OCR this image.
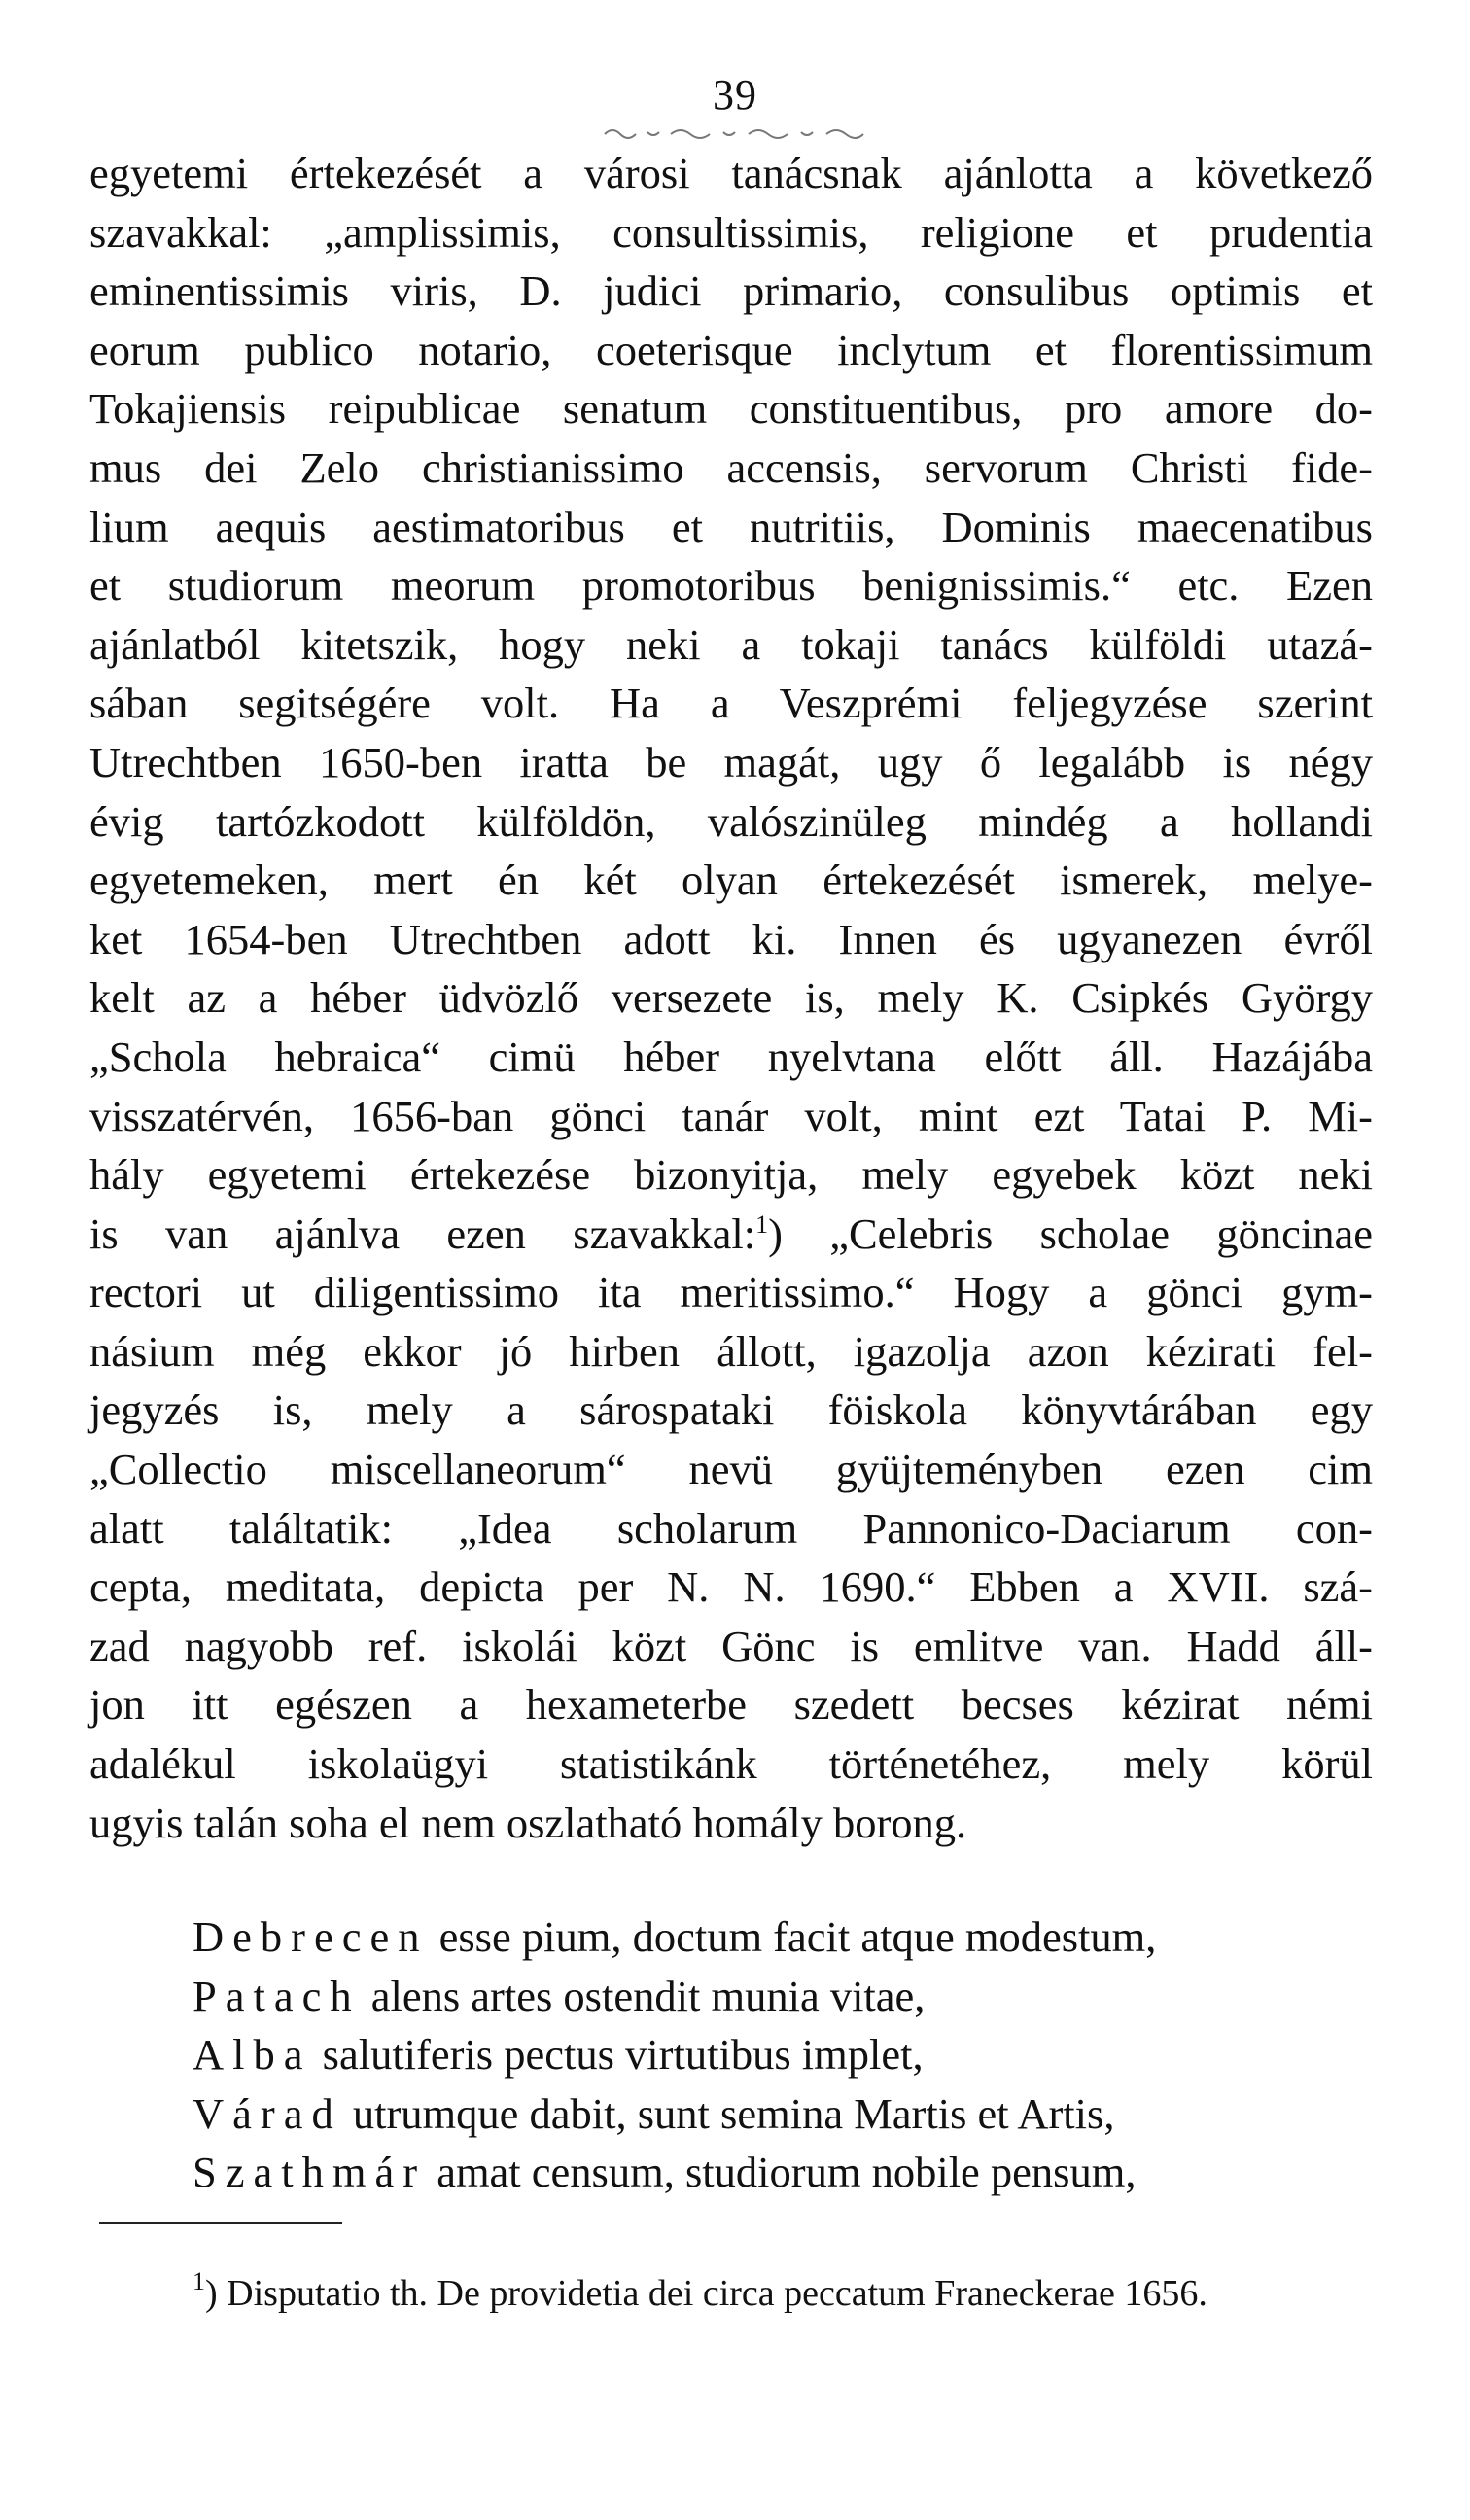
39
egyetemi értekezését a városi tanácsnak ajánlotta a következő
szavakkal: „amplissimis, consultissimis, religione et prudentia
eminentissimis viris, D. judici primario, consulibus optimis et
eorum publico notario, coeterisque inclytum et florentissimum
Tokajiensis reipublicae senatum constituentibus, pro amore do-
mus dei Zelo christianissimo accensis, servorum Christi fide-
lium aequis aestimatoribus et nutritiis, Dominis maecenatibus
et studiorum meorum promotoribus benignissimis.“ etc. Ezen
ajánlatból kitetszik, hogy neki a tokaji tanács külföldi utazá-
sában segitségére volt. Ha a Veszprémi feljegyzése szerint
Utrechtben 1650-ben iratta be magát, ugy ő legalább is négy
évig tartózkodott külföldön, valószinüleg mindég a hollandi
egyetemeken, mert én két olyan értekezését ismerek, melye-
ket 1654-ben Utrechtben adott ki. Innen és ugyanezen évről
kelt az a héber üdvözlő versezete is, mely K. Csipkés György
„Schola hebraica“ cimü héber nyelvtana előtt áll. Hazájába
visszatérvén, 1656-ban gönci tanár volt, mint ezt Tatai P. Mi-
hály egyetemi értekezése bizonyitja, mely egyebek közt neki
is van ajánlva ezen szavakkal:$^1$) „Celebris scholae göncinae
rectori ut diligentissimo ita meritissimo.“ Hogy a gönci gym-
násium még ekkor jó hirben állott, igazolja azon kézirati fel-
jegyzés is, mely a sárospataki föiskola könyvtárában egy
„Collectio miscellaneorum“ nevü gyüjteményben ezen cim
alatt találtatik: „Idea scholarum Pannonico-Daciarum con-
cepta, meditata, depicta per N. N. 1690.“ Ebben a XVII. szá-
zad nagyobb ref. iskolái közt Gönc is emlitve van. Hadd áll-
jon itt egészen a hexameterbe szedett becses kézirat némi
adalékul iskolaügyi statistikánk történetéhez, mely körül
ugyis talán soha el nem oszlatható homály borong.
Debrecen esse pium, doctum facit atque modestum,
Patach alens artes ostendit munia vitae,
Alba salutiferis pectus virtutibus implet,
Várad utrumque dabit, sunt semina Martis et Artis,
Szathmár amat censum, studiorum nobile pensum,
$^1$) Disputatio th. De providetia dei circa peccatum Franeckerae 1656.
